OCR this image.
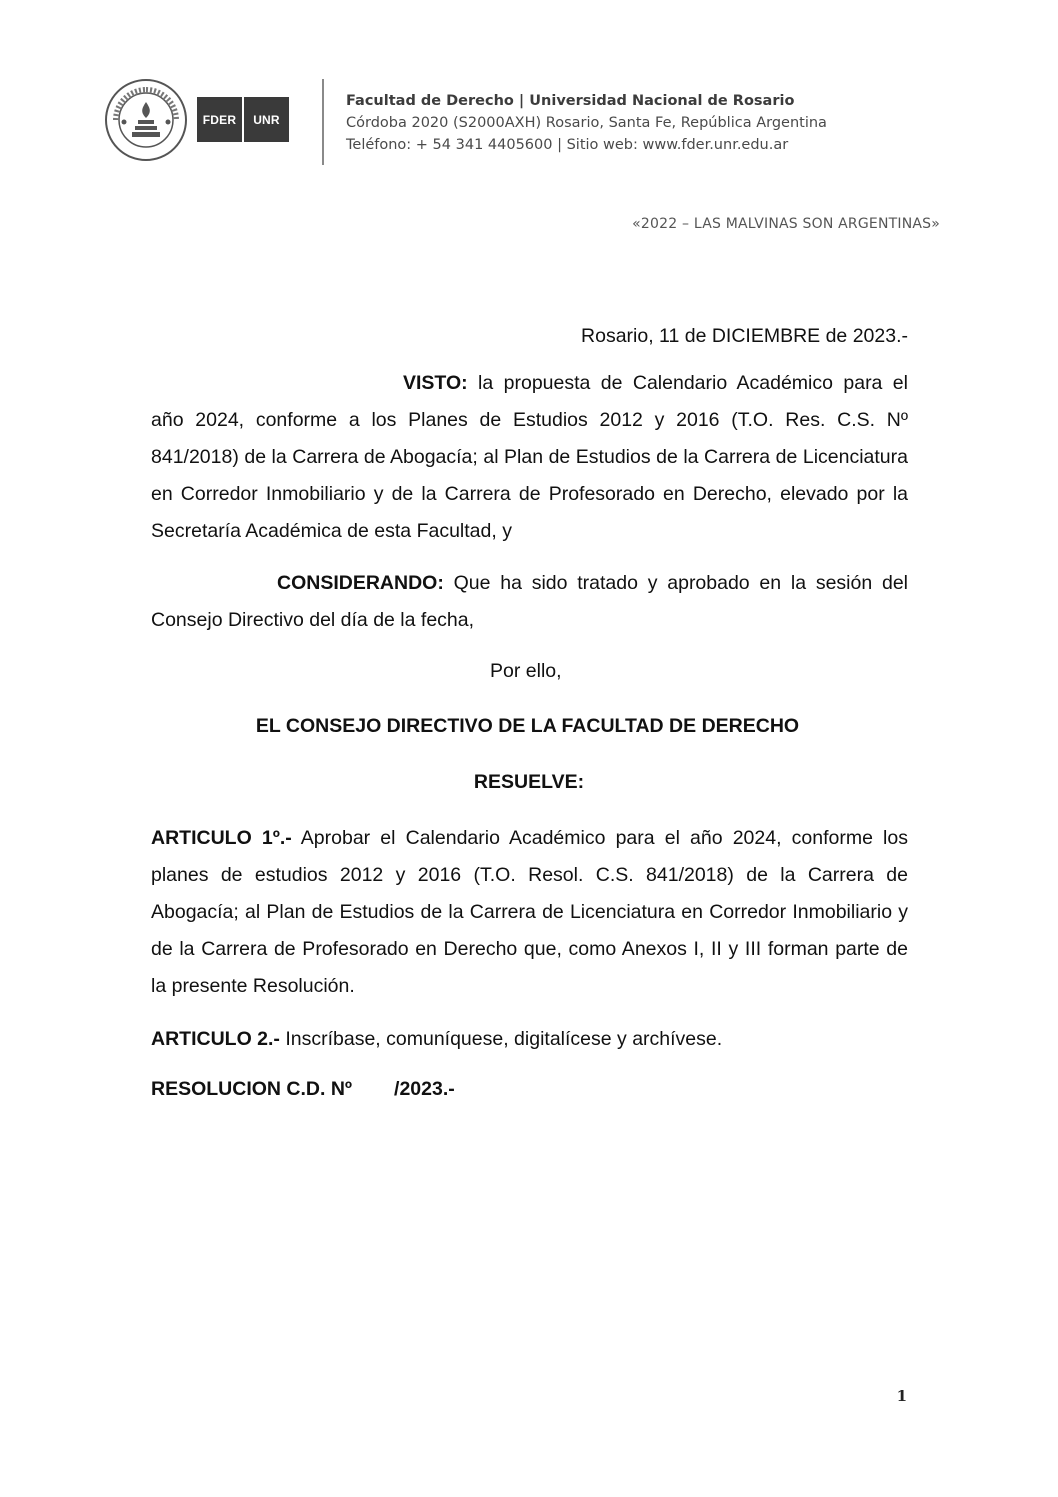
FDER	UNR
Facultad de Derecho | Universidad Nacional de Rosario
Córdoba 2020 (S2000AXH) Rosario, Santa Fe, República Argentina
Teléfono: + 54 341 4405600 | Sitio web: www.fder.unr.edu.ar
«2022 – LAS MALVINAS SON ARGENTINAS»
Rosario, 11 de DICIEMBRE de 2023.-
VISTO: la propuesta de Calendario Académico para el año 2024, conforme a los Planes de Estudios 2012 y 2016 (T.O. Res. C.S. Nº 841/2018) de la Carrera de Abogacía; al Plan de Estudios de la Carrera de Licenciatura en Corredor Inmobiliario y de la Carrera de Profesorado en Derecho, elevado por la Secretaría Académica de esta Facultad, y
CONSIDERANDO: Que ha sido tratado y aprobado en la sesión del Consejo Directivo del día de la fecha,
Por ello,
EL CONSEJO DIRECTIVO DE LA FACULTAD DE DERECHO
RESUELVE:
ARTICULO 1º.- Aprobar el Calendario Académico para el año 2024, conforme los planes de estudios 2012 y 2016 (T.O. Resol. C.S. 841/2018) de la Carrera de Abogacía; al Plan de Estudios de la Carrera de Licenciatura en Corredor Inmobiliario y de la Carrera de Profesorado en Derecho que, como Anexos I, II y III forman parte de la presente Resolución.
ARTICULO 2.- Inscríbase, comuníquese, digitalícese y archívese.
RESOLUCION C.D. Nº /2023.-
1
